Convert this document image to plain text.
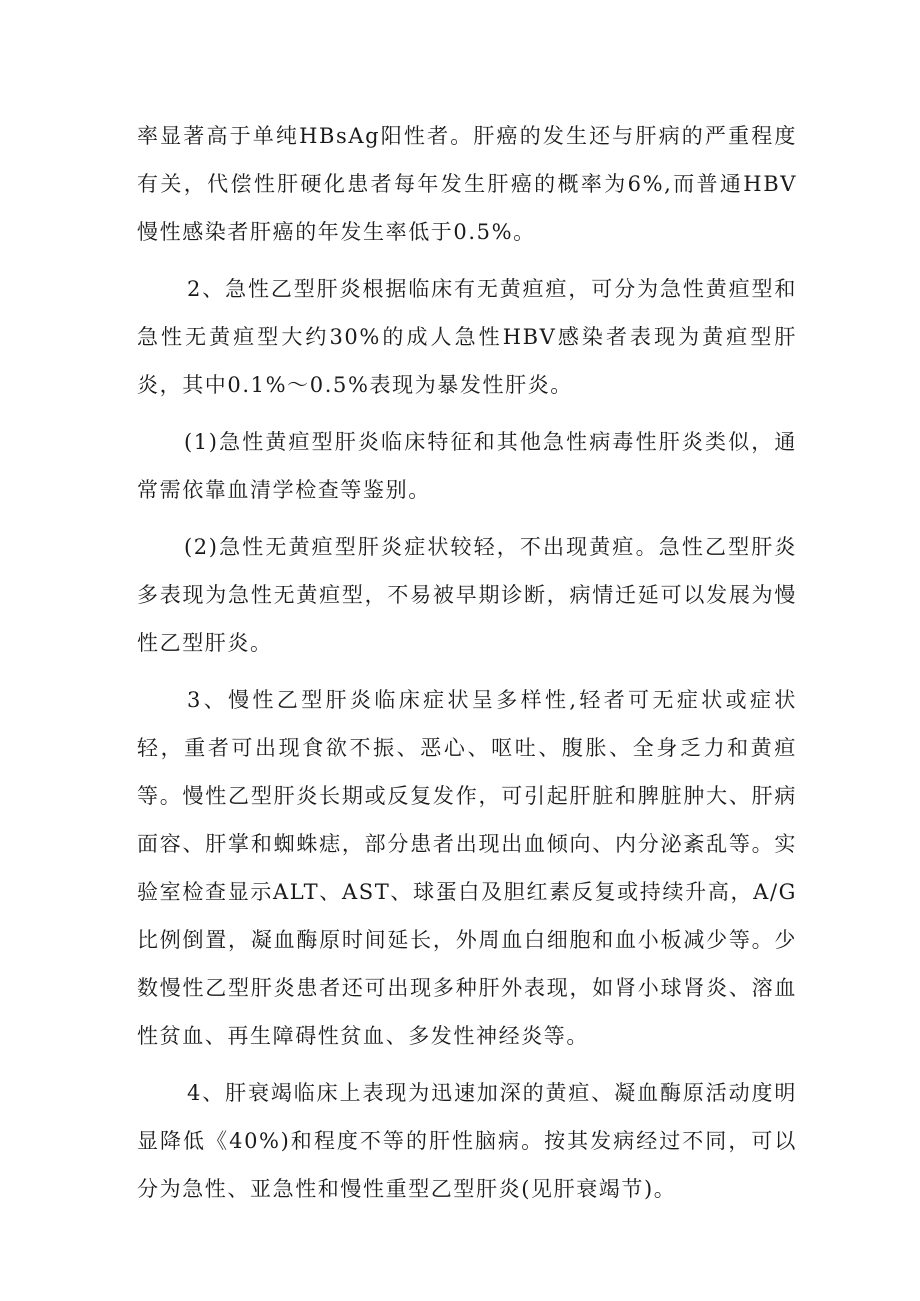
率显著高于单纯HBsAg阳性者。肝癌的发生还与肝病的严重程度有关，代偿性肝硬化患者每年发生肝癌的概率为6%,而普通HBV慢性感染者肝癌的年发生率低于0.5%。

2、急性乙型肝炎根据临床有无黄疸疸，可分为急性黄疸型和急性无黄疸型大约30%的成人急性HBV感染者表现为黄疸型肝炎，其中0.1%～0.5%表现为暴发性肝炎。

(1)急性黄疸型肝炎临床特征和其他急性病毒性肝炎类似，通常需依靠血清学检查等鉴别。

(2)急性无黄疸型肝炎症状较轻，不出现黄疸。急性乙型肝炎多表现为急性无黄疸型，不易被早期诊断，病情迁延可以发展为慢性乙型肝炎。

3、慢性乙型肝炎临床症状呈多样性,轻者可无症状或症状轻，重者可出现食欲不振、恶心、呕吐、腹胀、全身乏力和黄疸等。慢性乙型肝炎长期或反复发作，可引起肝脏和脾脏肿大、肝病面容、肝掌和蜘蛛痣，部分患者出现出血倾向、内分泌紊乱等。实验室检查显示ALT、AST、球蛋白及胆红素反复或持续升高，A/G比例倒置，凝血酶原时间延长，外周血白细胞和血小板减少等。少数慢性乙型肝炎患者还可出现多种肝外表现，如肾小球肾炎、溶血性贫血、再生障碍性贫血、多发性神经炎等。

4、肝衰竭临床上表现为迅速加深的黄疸、凝血酶原活动度明显降低《40%)和程度不等的肝性脑病。按其发病经过不同，可以分为急性、亚急性和慢性重型乙型肝炎(见肝衰竭节)。
